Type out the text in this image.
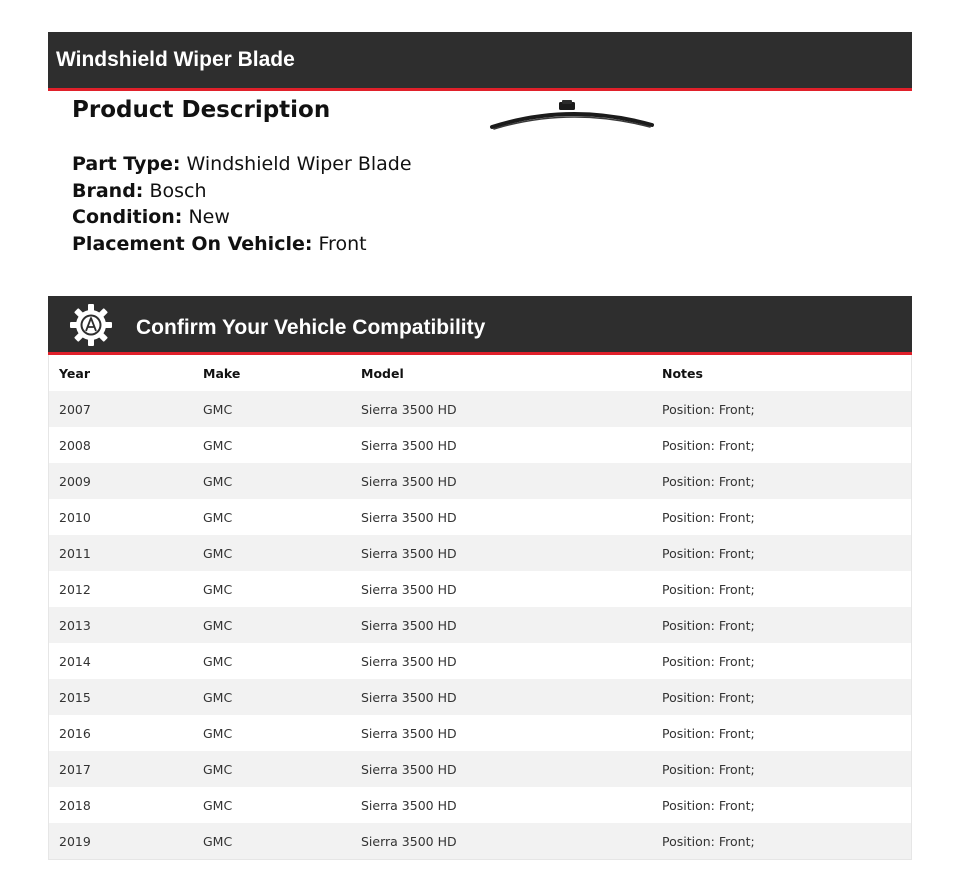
Windshield Wiper Blade
Product Description
Part Type: Windshield Wiper Blade
Brand: Bosch
Condition: New
Placement On Vehicle: Front
Confirm Your Vehicle Compatibility
Year	Make	Model	Notes
2007	GMC	Sierra 3500 HD	Position: Front;
2008	GMC	Sierra 3500 HD	Position: Front;
2009	GMC	Sierra 3500 HD	Position: Front;
2010	GMC	Sierra 3500 HD	Position: Front;
2011	GMC	Sierra 3500 HD	Position: Front;
2012	GMC	Sierra 3500 HD	Position: Front;
2013	GMC	Sierra 3500 HD	Position: Front;
2014	GMC	Sierra 3500 HD	Position: Front;
2015	GMC	Sierra 3500 HD	Position: Front;
2016	GMC	Sierra 3500 HD	Position: Front;
2017	GMC	Sierra 3500 HD	Position: Front;
2018	GMC	Sierra 3500 HD	Position: Front;
2019	GMC	Sierra 3500 HD	Position: Front;
